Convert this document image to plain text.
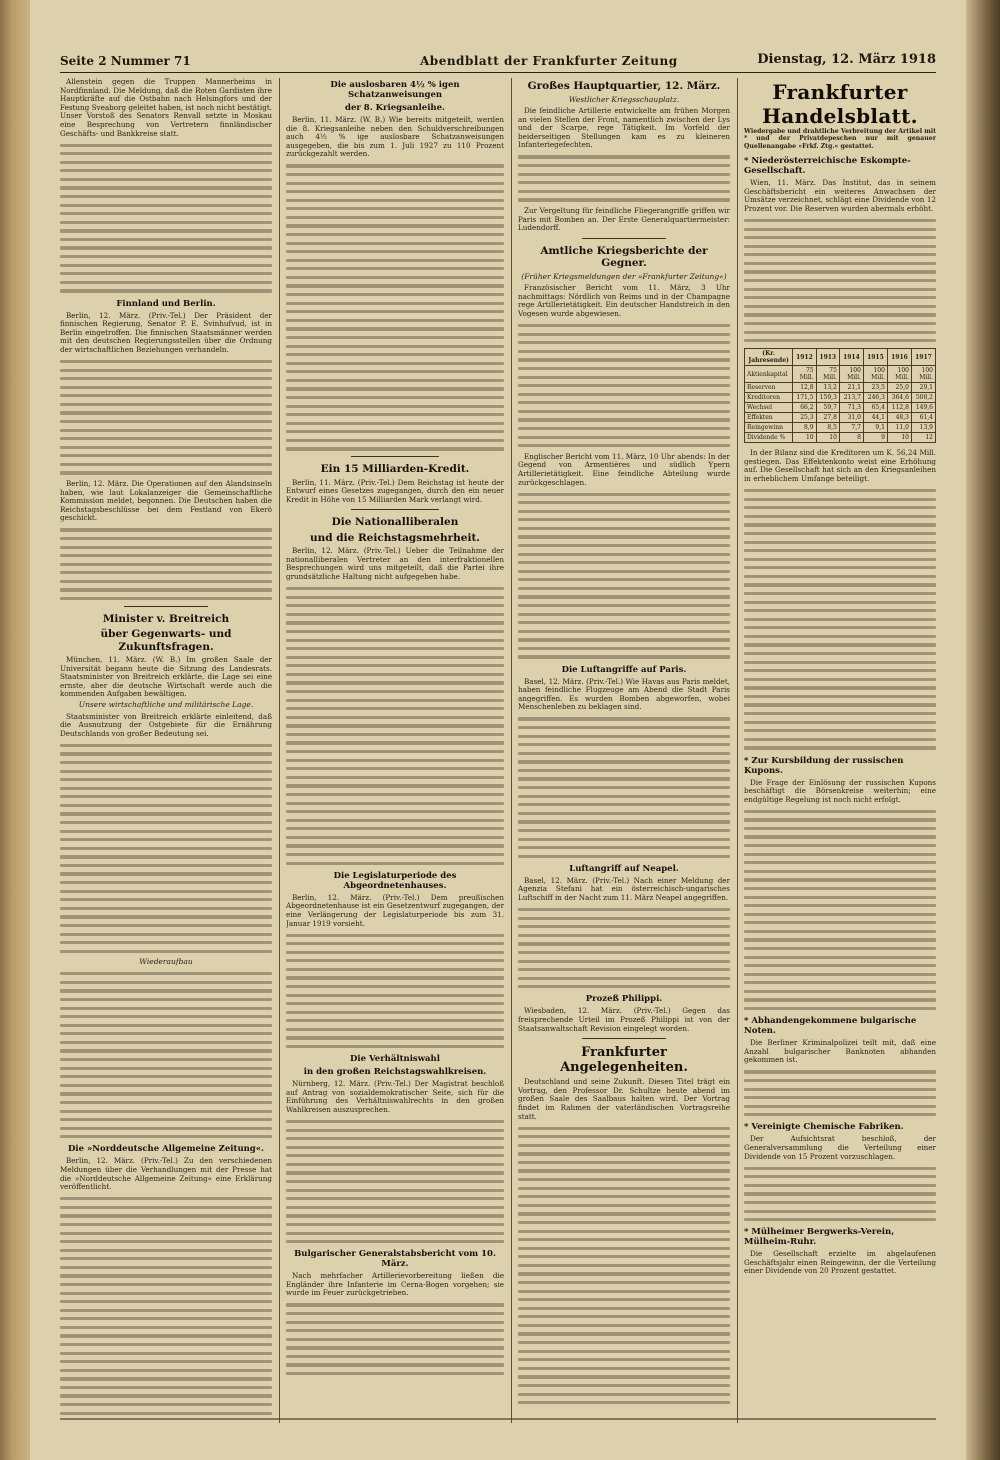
Seite 2 Nummer 71	Abendblatt der Frankfurter Zeitung	Dienstag, 12. März 1918

Allenstein gegen die Truppen Mannerheims in Nordfinnland. Die Meldung, daß die Roten Gardisten ihre Hauptkräfte auf die Ostbahn nach Helsingfors und der Festung Sveaborg geleitet haben, ist noch nicht bestätigt. Unser Vorstoß des Senators Renvall setzte in Moskau eine Besprechung von Vertretern finnländischer Geschäfts- und Bankkreise statt.

Finnland und Berlin.

Berlin, 12. März. (Priv.-Tel.) Der Präsident der finnischen Regierung, Senator P. E. Svinhufvud, ist in Berlin eingetroffen. Die finnischen Staatsmänner werden mit den deutschen Regierungsstellen über die Ordnung der wirtschaftlichen Beziehungen verhandeln.

Berlin, 12. März. Die Operationen auf den Alandsinseln haben, wie laut Lokalanzeiger die Gemeinschaftliche Kommission meldet, begonnen. Die Deutschen haben die Reichstagsbeschlüsse bei dem Festland von Ekerö geschickt.

Minister v. Breitreich
über Gegenwarts- und Zukunftsfragen.

München, 11. März. (W. B.) Im großen Saale der Universität begann heute die Sitzung des Landesrats. Staatsminister von Breitreich erklärte, die Lage sei eine ernste, aber die deutsche Wirtschaft werde auch die kommenden Aufgaben bewältigen.

Unsere wirtschaftliche und militärische Lage.

Staatsminister von Breitreich erklärte einleitend, daß die Ausnutzung der Ostgebiete für die Ernährung Deutschlands von großer Bedeutung sei.

Wiederaufbau
Die »Norddeutsche Allgemeine Zeitung«.

Berlin, 12. März. (Priv.-Tel.) Zu den verschiedenen Meldungen über die Verhandlungen mit der Presse hat die »Norddeutsche Allgemeine Zeitung« eine Erklärung veröffentlicht.

Die auslosbaren 4½ % igen Schatzanweisungen
der 8. Kriegsanleihe.

Berlin, 11. März. (W. B.) Wie bereits mitgeteilt, werden die 8. Kriegsanleihe neben den Schuldverschreibungen auch 4½ % ige auslosbare Schatzanweisungen ausgegeben, die bis zum 1. Juli 1927 zu 110 Prozent zurückgezahlt werden.

Ein 15 Milliarden-Kredit.

Berlin, 11. März. (Priv.-Tel.) Dem Reichstag ist heute der Entwurf eines Gesetzes zugegangen, durch den ein neuer Kredit in Höhe von 15 Milliarden Mark verlangt wird.

Die Nationalliberalen
und die Reichstagsmehrheit.

Berlin, 12. März. (Priv.-Tel.) Ueber die Teilnahme der nationalliberalen Vertreter an den interfraktionellen Besprechungen wird uns mitgeteilt, daß die Partei ihre grundsätzliche Haltung nicht aufgegeben habe.

Die Legislaturperiode des Abgeordnetenhauses.

Berlin, 12. März. (Priv.-Tel.) Dem preußischen Abgeordnetenhause ist ein Gesetzentwurf zugegangen, der eine Verlängerung der Legislaturperiode bis zum 31. Januar 1919 vorsieht.

Die Verhältniswahl
in den großen Reichstagswahlkreisen.

Nürnberg, 12. März. (Priv.-Tel.) Der Magistrat beschloß auf Antrag von sozialdemokratischer Seite, sich für die Einführung des Verhältniswahlrechts in den großen Wahlkreisen auszusprechen.

Bulgarischer Generalstabsbericht vom 10. März.

Nach mehrfacher Artillerievorbereitung ließen die Engländer ihre Infanterie im Cerna-Bogen vorgehen; sie wurde im Feuer zurückgetrieben.

Großes Hauptquartier, 12. März.
Westlicher Kriegsschauplatz.

Die feindliche Artillerie entwickelte am frühen Morgen an vielen Stellen der Front, namentlich zwischen der Lys und der Scarpe, rege Tätigkeit. Im Vorfeld der beiderseitigen Stellungen kam es zu kleineren Infanteriegefechten.

Zur Vergeltung für feindliche Fliegerangriffe griffen wir Paris mit Bomben an. Der Erste Generalquartiermeister: Ludendorff.

Amtliche Kriegsberichte der Gegner.
(Früher Kriegsmeldungen der »Frankfurter Zeitung«)

Französischer Bericht vom 11. März, 3 Uhr nachmittags: Nördlich von Reims und in der Champagne rege Artillerietätigkeit. Ein deutscher Handstreich in den Vogesen wurde abgewiesen.

Englischer Bericht vom 11. März, 10 Uhr abends: In der Gegend von Armentières und südlich Ypern Artillerietätigkeit. Eine feindliche Abteilung wurde zurückgeschlagen.

Die Luftangriffe auf Paris.

Basel, 12. März. (Priv.-Tel.) Wie Havas aus Paris meldet, haben feindliche Flugzeuge am Abend die Stadt Paris angegriffen. Es wurden Bomben abgeworfen, wobei Menschenleben zu beklagen sind.

Luftangriff auf Neapel.

Basel, 12. März. (Priv.-Tel.) Nach einer Meldung der Agenzia Stefani hat ein österreichisch-ungarisches Luftschiff in der Nacht zum 11. März Neapel angegriffen.

Prozeß Philippi.

Wiesbaden, 12. März. (Priv.-Tel.) Gegen das freisprechende Urteil im Prozeß Philippi ist von der Staatsanwaltschaft Revision eingelegt worden.

Frankfurter Angelegenheiten.

Deutschland und seine Zukunft. Diesen Titel trägt ein Vortrag, den Professor Dr. Schultze heute abend im großen Saale des Saalbaus halten wird. Der Vortrag findet im Rahmen der vaterländischen Vortragsreihe statt.

Frankfurter Handelsblatt.

Wiedergabe und drahtliche Verbreitung der Artikel mit * und der Privatdepeschen nur mit genauer Quellenangabe »Frkf. Ztg.« gestattet.

* Niederösterreichische Eskompte-Gesellschaft.

Wien, 11. März. Das Institut, das in seinem Geschäftsbericht ein weiteres Anwachsen der Umsätze verzeichnet, schlägt eine Dividende von 12 Prozent vor. Die Reserven wurden abermals erhöht.

(Kr. Jahresende)	1912	1913	1914	1915	1916	1917
Aktienkapital	75 Mill.	75 Mill.	100 Mill.	100 Mill.	100 Mill.	100 Mill.
Reserven	12,8	13,2	21,1	23,5	25,0	29,1
Kreditoren	171,5	159,3	213,7	246,3	364,6	508,2
Wechsel	66,2	59,7	71,3	65,4	112,8	149,6
Effekten	25,3	27,8	31,0	44,1	48,3	61,4
Reingewinn	8,9	8,5	7,7	9,1	11,0	13,9
Dividende %	10	10	8	9	10	12

In der Bilanz sind die Kreditoren um K. 56,24 Mill. gestiegen. Das Effektenkonto weist eine Erhöhung auf. Die Gesellschaft hat sich an den Kriegsanleihen in erheblichem Umfange beteiligt.

* Zur Kursbildung der russischen Kupons.

Die Frage der Einlösung der russischen Kupons beschäftigt die Börsenkreise weiterhin; eine endgültige Regelung ist noch nicht erfolgt.

* Abhandengekommene bulgarische Noten.

Die Berliner Kriminalpolizei teilt mit, daß eine Anzahl bulgarischer Banknoten abhanden gekommen ist.

* Vereinigte Chemische Fabriken.

Der Aufsichtsrat beschloß, der Generalversammlung die Verteilung einer Dividende von 15 Prozent vorzuschlagen.

* Mülheimer Bergwerks-Verein, Mülheim-Ruhr.

Die Gesellschaft erzielte im abgelaufenen Geschäftsjahr einen Reingewinn, der die Verteilung einer Dividende von 20 Prozent gestattet.
